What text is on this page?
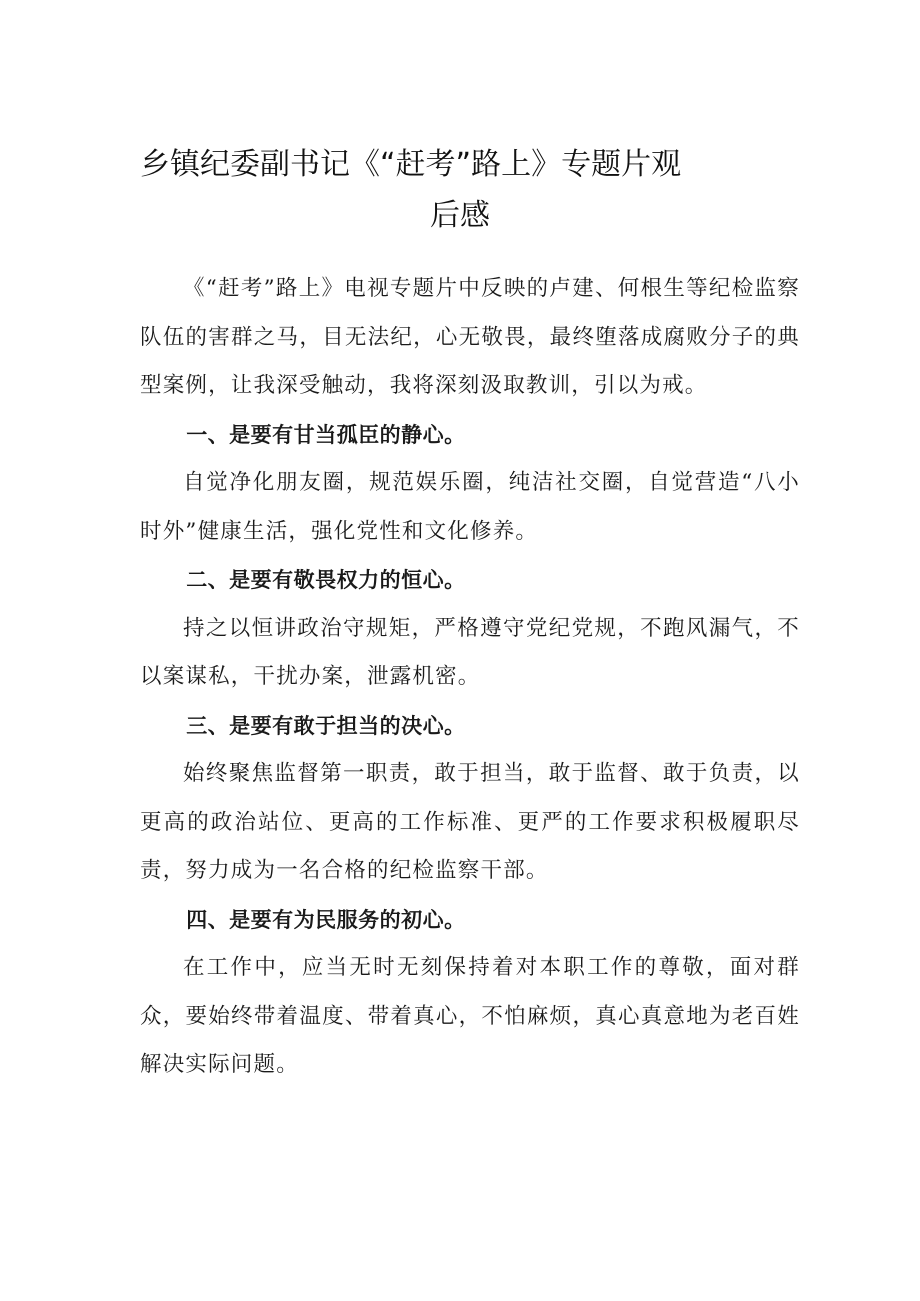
乡镇纪委副书记《“赶考”路上》专题片观
后感

《“赶考”路上》电视专题片中反映的卢建、何根生等纪检监察队伍的害群之马，目无法纪，心无敬畏，最终堕落成腐败分子的典型案例，让我深受触动，我将深刻汲取教训，引以为戒。

一、是要有甘当孤臣的静心。

自觉净化朋友圈，规范娱乐圈，纯洁社交圈，自觉营造“八小时外”健康生活，强化党性和文化修养。

二、是要有敬畏权力的恒心。

持之以恒讲政治守规矩，严格遵守党纪党规，不跑风漏气，不以案谋私，干扰办案，泄露机密。

三、是要有敢于担当的决心。

始终聚焦监督第一职责，敢于担当，敢于监督、敢于负责，以更高的政治站位、更高的工作标准、更严的工作要求积极履职尽责，努力成为一名合格的纪检监察干部。

四、是要有为民服务的初心。

在工作中，应当无时无刻保持着对本职工作的尊敬，面对群众，要始终带着温度、带着真心，不怕麻烦，真心真意地为老百姓解决实际问题。
